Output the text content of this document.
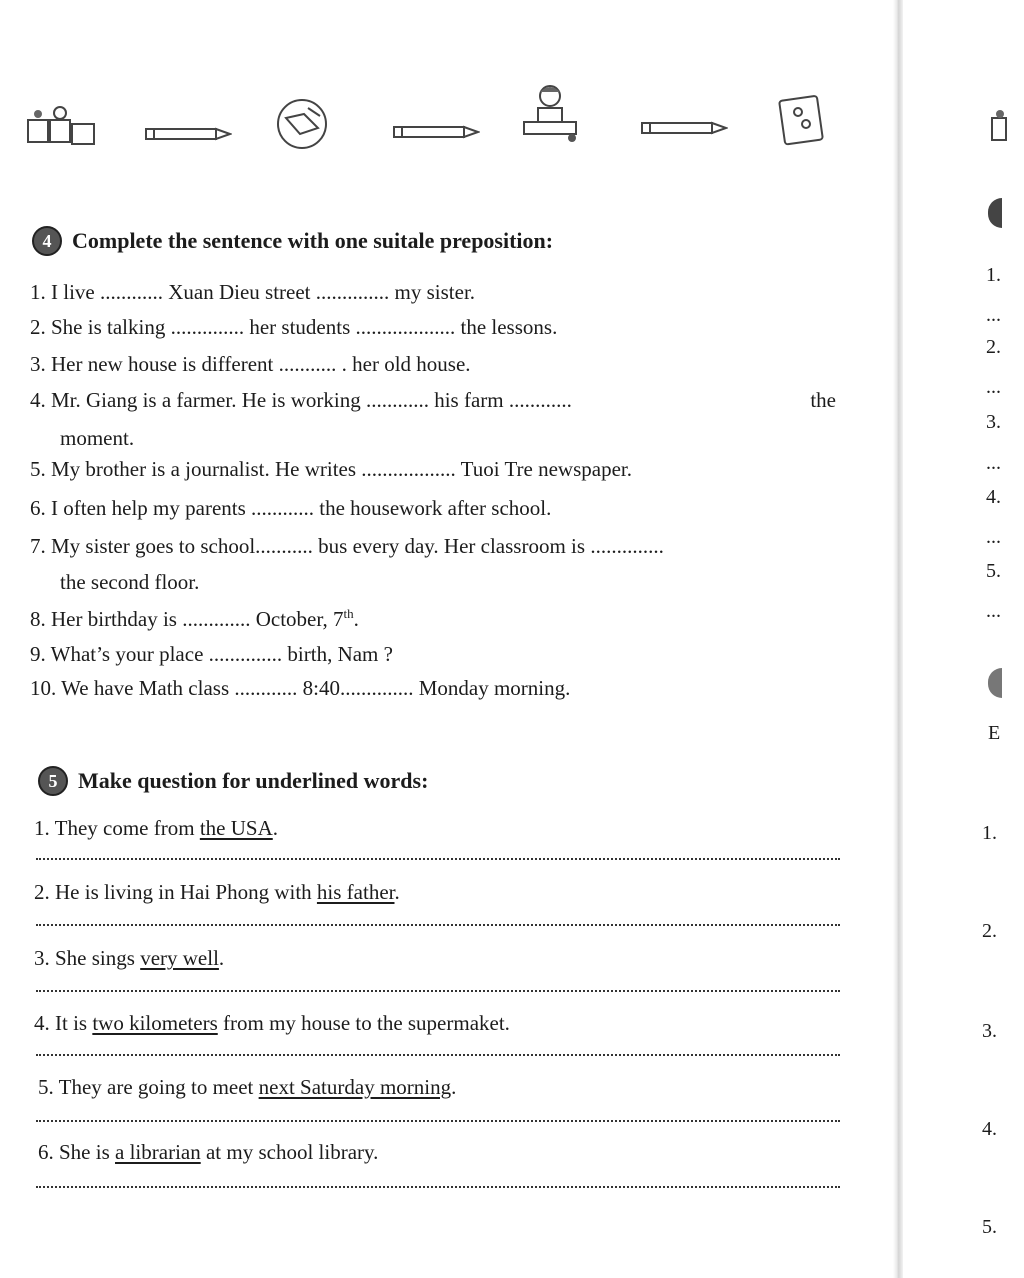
4 Complete the sentence with one suitale preposition:
1. I live ............ Xuan Dieu street .............. my sister.
2. She is talking .............. her students ................... the lessons.
3. Her new house is different ........... . her old house.
4. Mr. Giang is a farmer. He is working ............ his farm ............	the
moment.
5. My brother is a journalist. He writes .................. Tuoi Tre newspaper.
6. I often help my parents ............ the housework after school.
7. My sister goes to school........... bus every day. Her classroom is ..............
the second floor.
8. Her birthday is ............. October, 7th.
9. What’s your place .............. birth, Nam ?
10. We have Math class ............ 8:40.............. Monday morning.
5 Make question for underlined words:
1. They come from the USA.
2. He is living in Hai Phong with his father.
3. She sings very well.
4. It is two kilometers from my house to the supermaket.
5. They are going to meet next Saturday morning.
6. She is a librarian at my school library.
1.
...
2.
...
3.
...
4.
...
5.
...
E
1.
2.
3.
4.
5.
